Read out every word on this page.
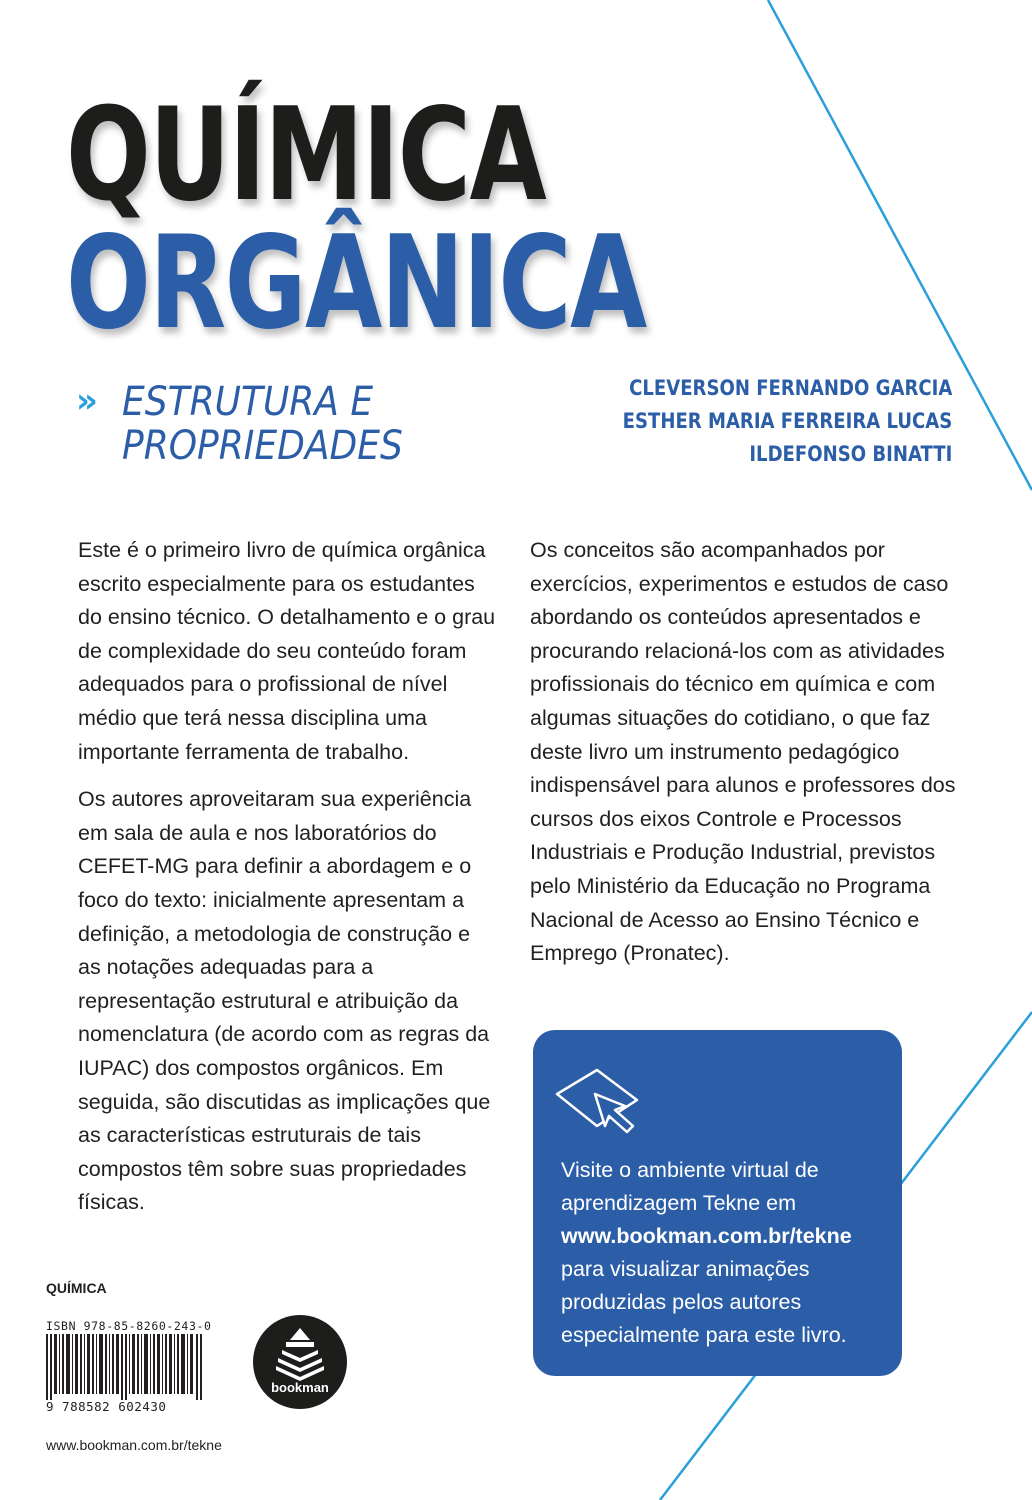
QUÍMICA
ORGÂNICA
» ESTRUTURA E
PROPRIEDADES
CLEVERSON FERNANDO GARCIA
ESTHER MARIA FERREIRA LUCAS
ILDEFONSO BINATTI

Este é o primeiro livro de química orgânica escrito especialmente para os estudantes do ensino técnico. O detalhamento e o grau de complexidade do seu conteúdo foram adequados para o profissional de nível médio que terá nessa disciplina uma importante ferramenta de trabalho.

Os autores aproveitaram sua experiência em sala de aula e nos laboratórios do CEFET-MG para definir a abordagem e o foco do texto: inicialmente apresentam a definição, a metodologia de construção e as notações adequadas para a representação estrutural e atribuição da nomenclatura (de acordo com as regras da IUPAC) dos compostos orgânicos. Em seguida, são discutidas as implicações que as características estruturais de tais compostos têm sobre suas propriedades físicas.

Os conceitos são acompanhados por exercícios, experimentos e estudos de caso abordando os conteúdos apresentados e procurando relacioná-los com as atividades profissionais do técnico em química e com algumas situações do cotidiano, o que faz deste livro um instrumento pedagógico indispensável para alunos e professores dos cursos dos eixos Controle e Processos Industriais e Produção Industrial, previstos pelo Ministério da Educação no Programa Nacional de Acesso ao Ensino Técnico e Emprego (Pronatec).

Visite o ambiente virtual de aprendizagem Tekne em www.bookman.com.br/tekne para visualizar animações produzidas pelos autores especialmente para este livro.
QUÍMICA
ISBN 978-85-8260-243-0
9 788582 602430
bookman
www.bookman.com.br/tekne
